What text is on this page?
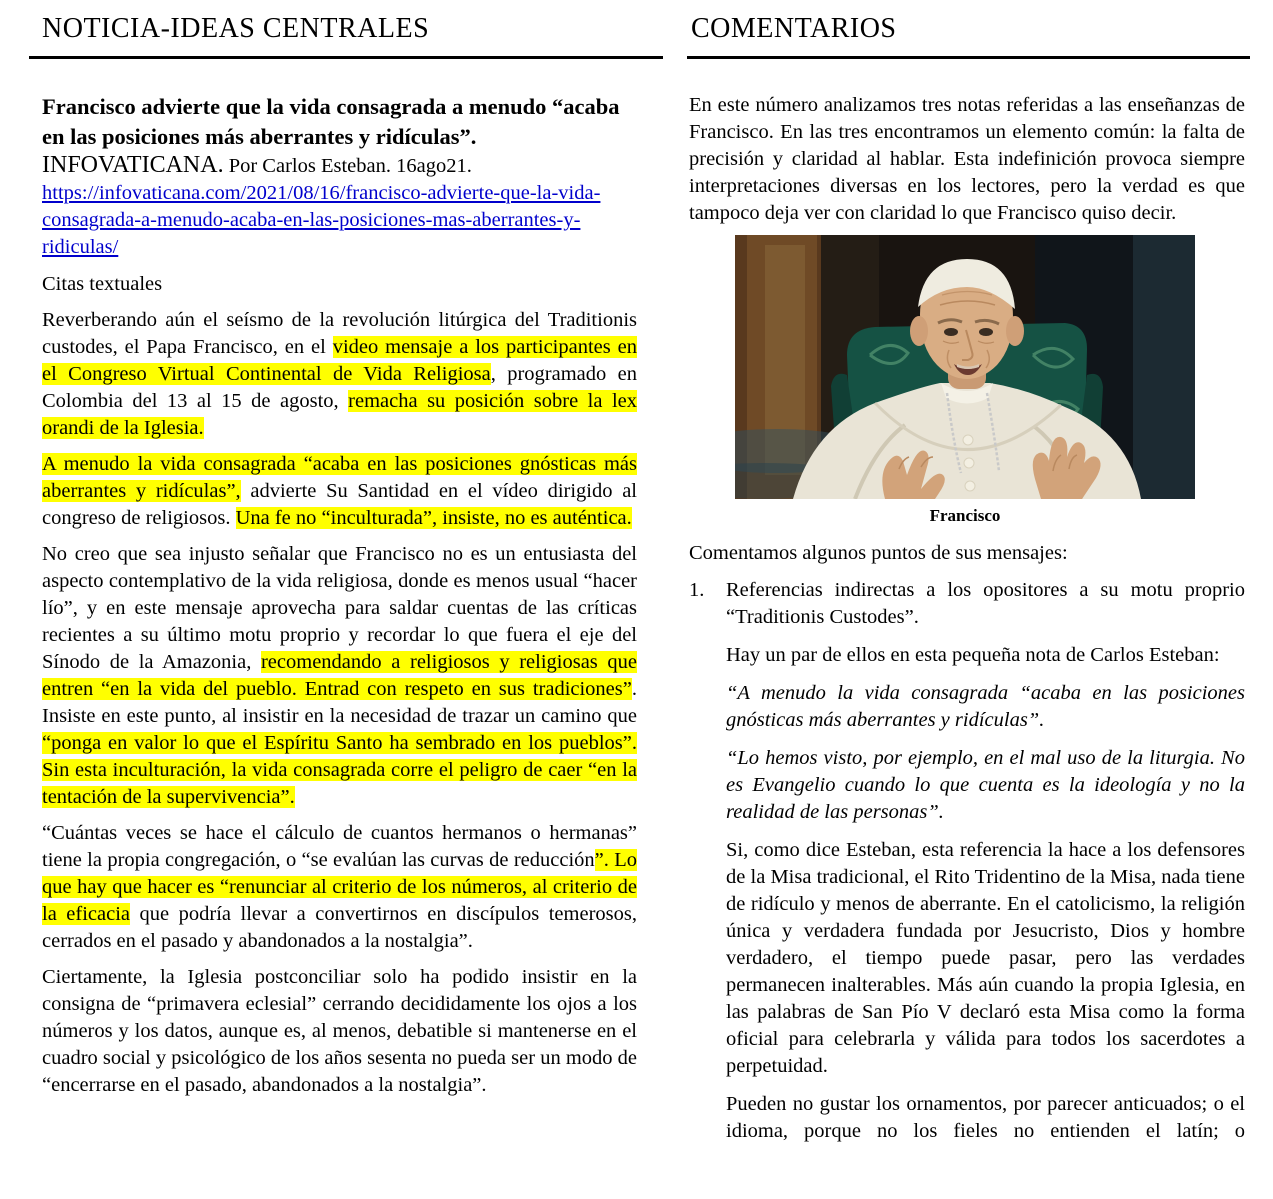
NOTICIA-IDEAS CENTRALES	COMENTARIOS
Francisco advierte que la vida consagrada a menudo “acaba en las posiciones más aberrantes y ridículas”.
INFOVATICANA. Por Carlos Esteban. 16ago21.
https://infovaticana.com/2021/08/16/francisco-advierte-que-la-vida-consagrada-a-menudo-acaba-en-las-posiciones-mas-aberrantes-y-ridiculas/
Citas textuales

Reverberando aún el seísmo de la revolución litúrgica del Traditionis custodes, el Papa Francisco, en el video mensaje a los participantes en el Congreso Virtual Continental de Vida Religiosa, programado en Colombia del 13 al 15 de agosto, remacha su posición sobre la lex orandi de la Iglesia.

A menudo la vida consagrada “acaba en las posiciones gnósticas más aberrantes y ridículas”, advierte Su Santidad en el vídeo dirigido al congreso de religiosos. Una fe no “inculturada”, insiste, no es auténtica.

No creo que sea injusto señalar que Francisco no es un entusiasta del aspecto contemplativo de la vida religiosa, donde es menos usual “hacer lío”, y en este mensaje aprovecha para saldar cuentas de las críticas recientes a su último motu proprio y recordar lo que fuera el eje del Sínodo de la Amazonia, recomendando a religiosos y religiosas que entren “en la vida del pueblo. Entrad con respeto en sus tradiciones”. Insiste en este punto, al insistir en la necesidad de trazar un camino que “ponga en valor lo que el Espíritu Santo ha sembrado en los pueblos”. Sin esta inculturación, la vida consagrada corre el peligro de caer “en la tentación de la supervivencia”.

“Cuántas veces se hace el cálculo de cuantos hermanos o hermanas” tiene la propia congregación, o “se evalúan las curvas de reducción”. Lo que hay que hacer es “renunciar al criterio de los números, al criterio de la eficacia que podría llevar a convertirnos en discípulos temerosos, cerrados en el pasado y abandonados a la nostalgia”.

Ciertamente, la Iglesia postconciliar solo ha podido insistir en la consigna de “primavera eclesial” cerrando decididamente los ojos a los números y los datos, aunque es, al menos, debatible si mantenerse en el cuadro social y psicológico de los años sesenta no pueda ser un modo de “encerrarse en el pasado, abandonados a la nostalgia”.

En este número analizamos tres notas referidas a las enseñanzas de Francisco. En las tres encontramos un elemento común: la falta de precisión y claridad al hablar. Esta indefinición provoca siempre interpretaciones diversas en los lectores, pero la verdad es que tampoco deja ver con claridad lo que Francisco quiso decir.

Francisco

Comentamos algunos puntos de sus mensajes:

1.	Referencias indirectas a los opositores a su motu proprio “Traditionis Custodes”.

Hay un par de ellos en esta pequeña nota de Carlos Esteban:

“A menudo la vida consagrada “acaba en las posiciones gnósticas más aberrantes y ridículas”.

“Lo hemos visto, por ejemplo, en el mal uso de la liturgia. No es Evangelio cuando lo que cuenta es la ideología y no la realidad de las personas”.

Si, como dice Esteban, esta referencia la hace a los defensores de la Misa tradicional, el Rito Tridentino de la Misa, nada tiene de ridículo y menos de aberrante. En el catolicismo, la religión única y verdadera fundada por Jesucristo, Dios y hombre verdadero, el tiempo puede pasar, pero las verdades permanecen inalterables. Más aún cuando la propia Iglesia, en las palabras de San Pío V declaró esta Misa como la forma oficial para celebrarla y válida para todos los sacerdotes a perpetuidad.

Pueden no gustar los ornamentos, por parecer anticuados; o el idioma, porque no los fieles no entienden el latín; o
